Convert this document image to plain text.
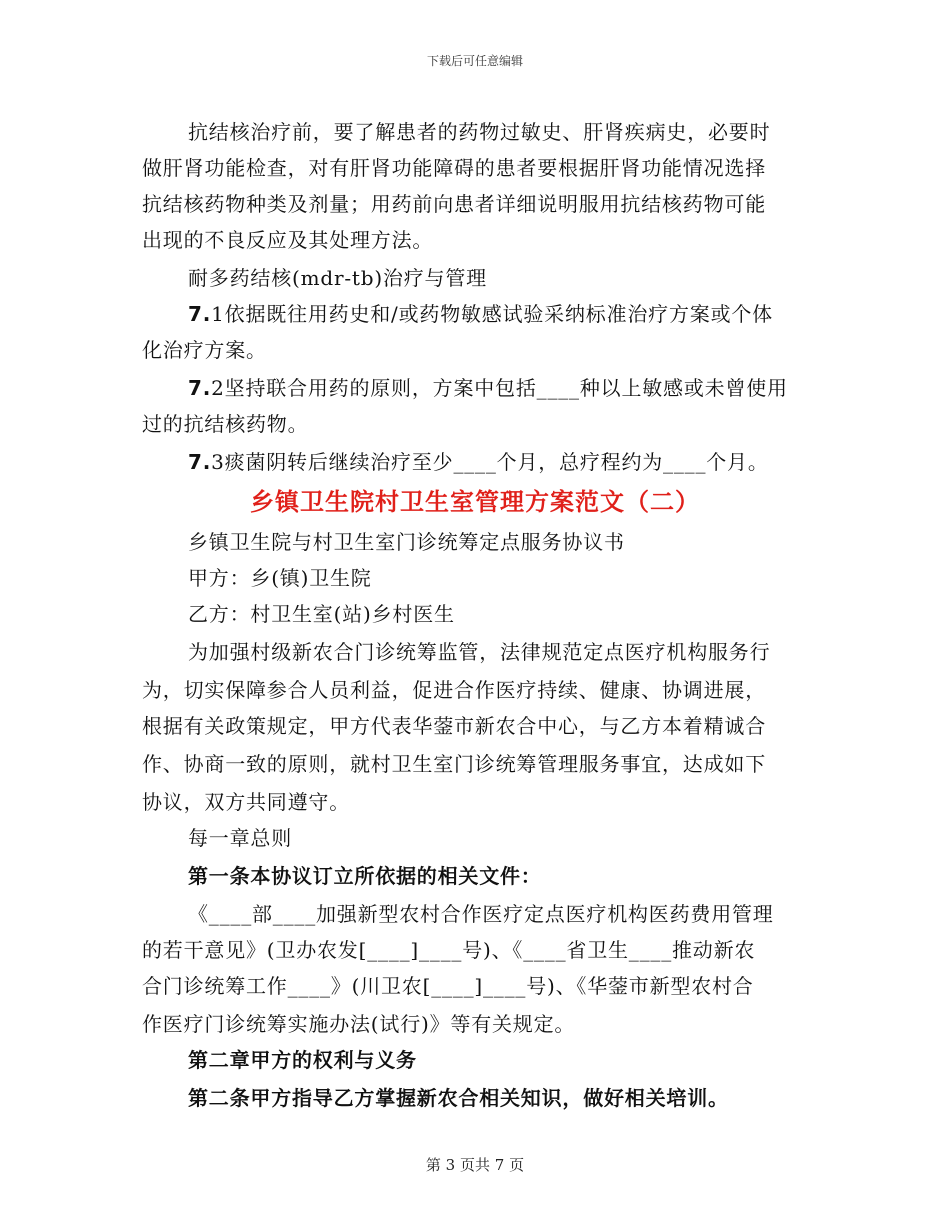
下载后可任意编辑
抗结核治疗前，要了解患者的药物过敏史、肝肾疾病史，必要时
做肝肾功能检查，对有肝肾功能障碍的患者要根据肝肾功能情况选择
抗结核药物种类及剂量；用药前向患者详细说明服用抗结核药物可能
出现的不良反应及其处理方法。
耐多药结核(mdr-tb)治疗与管理
7.1依据既往用药史和/或药物敏感试验采纳标准治疗方案或个体
化治疗方案。
7.2坚持联合用药的原则，方案中包括____种以上敏感或未曾使用
过的抗结核药物。
7.3痰菌阴转后继续治疗至少____个月，总疗程约为____个月。
乡镇卫生院村卫生室管理方案范文（二）
乡镇卫生院与村卫生室门诊统筹定点服务协议书
甲方：乡(镇)卫生院
乙方：村卫生室(站)乡村医生
为加强村级新农合门诊统筹监管，法律规范定点医疗机构服务行
为，切实保障参合人员利益，促进合作医疗持续、健康、协调进展，
根据有关政策规定，甲方代表华蓥市新农合中心，与乙方本着精诚合
作、协商一致的原则，就村卫生室门诊统筹管理服务事宜，达成如下
协议，双方共同遵守。
每一章总则
第一条本协议订立所依据的相关文件：
《____部____加强新型农村合作医疗定点医疗机构医药费用管理
的若干意见》(卫办农发[____]____号)、《____省卫生____推动新农
合门诊统筹工作____》(川卫农[____]____号)、《华蓥市新型农村合
作医疗门诊统筹实施办法(试行)》等有关规定。
第二章甲方的权利与义务
第二条甲方指导乙方掌握新农合相关知识，做好相关培训。
第 3 页共 7 页
